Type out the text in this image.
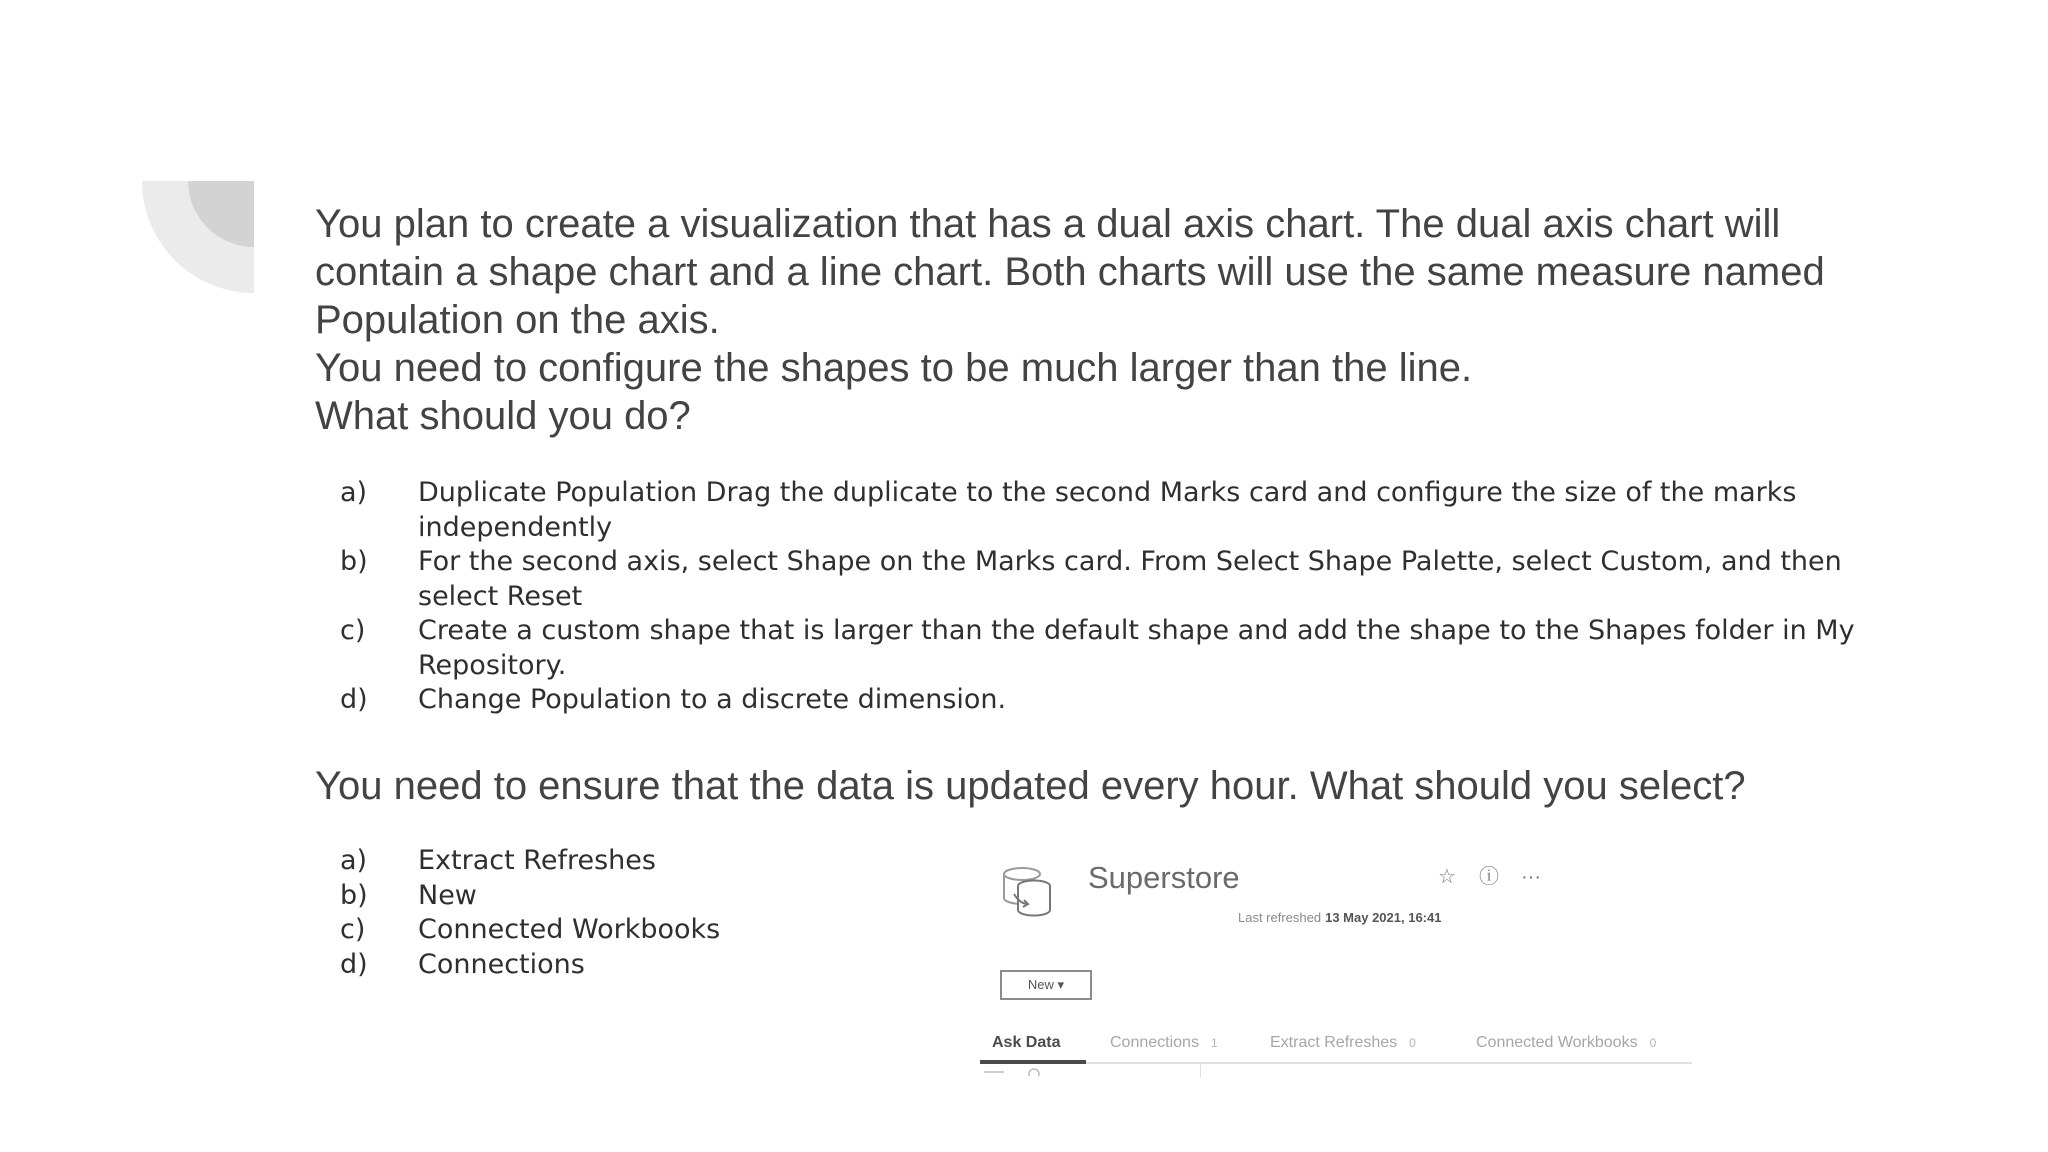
You plan to create a visualization that has a dual axis chart. The dual axis chart will contain a shape chart and a line chart. Both charts will use the same measure named Population on the axis.

You need to configure the shapes to be much larger than the line.

What should you do?

a)	Duplicate Population Drag the duplicate to the second Marks card and configure the size of the marks independently
b)	For the second axis, select Shape on the Marks card. From Select Shape Palette, select Custom, and then select Reset
c)	Create a custom shape that is larger than the default shape and add the shape to the Shapes folder in My Repository.
d)	Change Population to a discrete dimension.
You need to ensure that the data is updated every hour. What should you select?
a)	Extract Refreshes
b)	New
c)	Connected Workbooks
d)	Connections
Superstore	☆ ⓘ ···
Last refreshed 13 May 2021, 16:41
New ▾
Ask Data	Connections 1	Extract Refreshes 0	Connected Workbooks 0
